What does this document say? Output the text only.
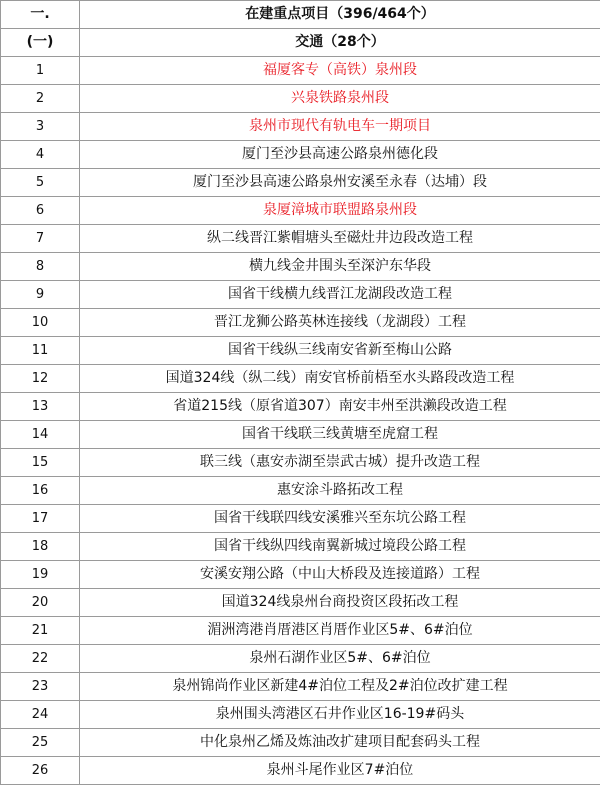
一.	在建重点项目（396/464个）
(一)	交通（28个）
1	福厦客专（高铁）泉州段
2	兴泉铁路泉州段
3	泉州市现代有轨电车一期项目
4	厦门至沙县高速公路泉州德化段
5	厦门至沙县高速公路泉州安溪至永春（达埔）段
6	泉厦漳城市联盟路泉州段
7	纵二线晋江紫帽塘头至磁灶井边段改造工程
8	横九线金井围头至深沪东华段
9	国省干线横九线晋江龙湖段改造工程
10	晋江龙狮公路英林连接线（龙湖段）工程
11	国省干线纵三线南安省新至梅山公路
12	国道324线（纵二线）南安官桥前梧至水头路段改造工程
13	省道215线（原省道307）南安丰州至洪濑段改造工程
14	国省干线联三线黄塘至虎窟工程
15	联三线（惠安赤湖至崇武古城）提升改造工程
16	惠安涂斗路拓改工程
17	国省干线联四线安溪雅兴至东坑公路工程
18	国省干线纵四线南翼新城过境段公路工程
19	安溪安翔公路（中山大桥段及连接道路）工程
20	国道324线泉州台商投资区段拓改工程
21	湄洲湾港肖厝港区肖厝作业区5#、6#泊位
22	泉州石湖作业区5#、6#泊位
23	泉州锦尚作业区新建4#泊位工程及2#泊位改扩建工程
24	泉州围头湾港区石井作业区16-19#码头
25	中化泉州乙烯及炼油改扩建项目配套码头工程
26	泉州斗尾作业区7#泊位
